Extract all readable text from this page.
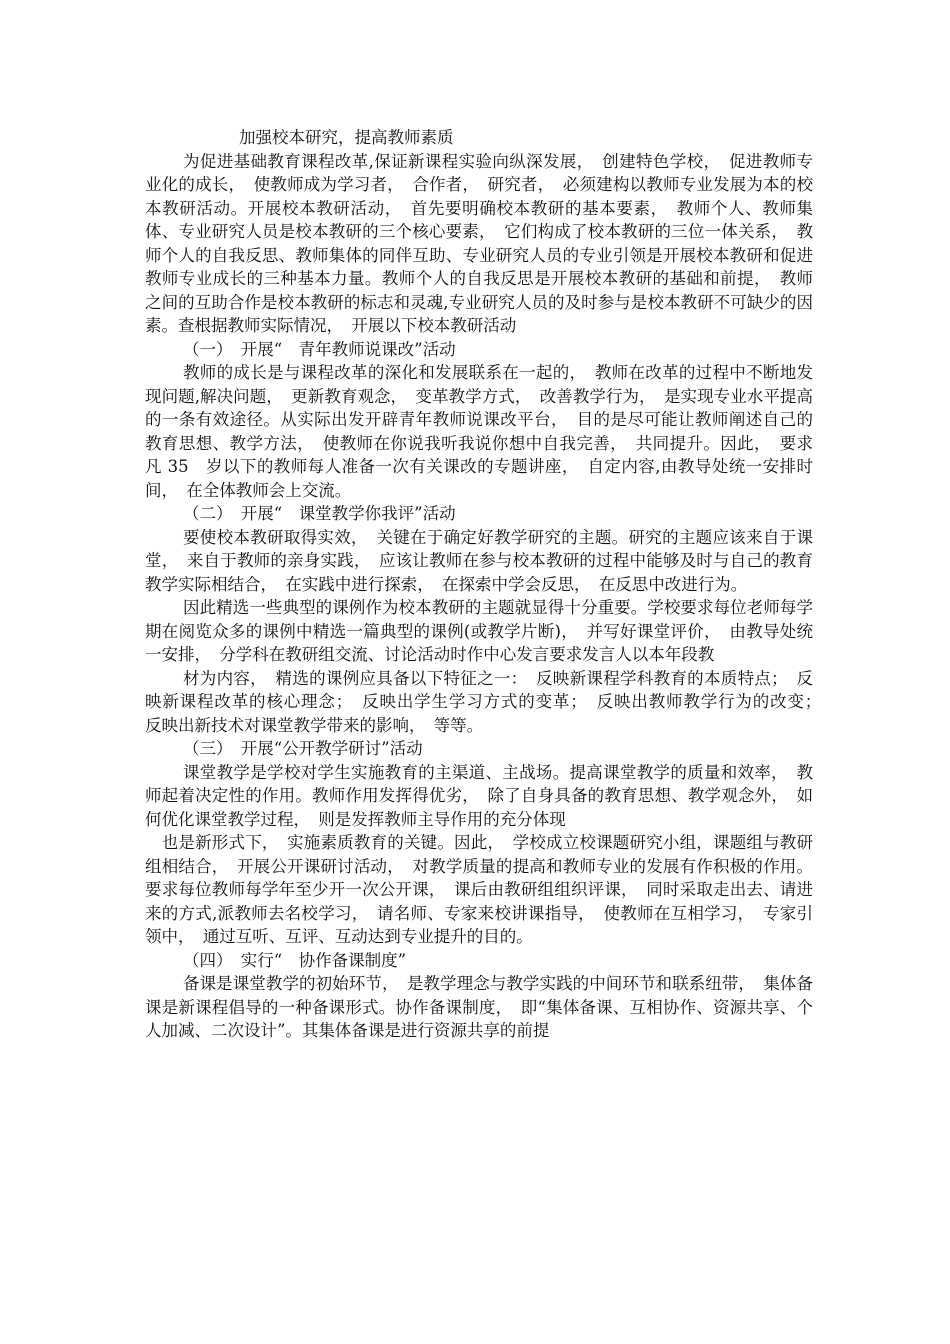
加强校本研究，提高教师素质

为促进基础教育课程改革,保证新课程实验向纵深发展，　创建特色学校，　促进教师专业化的成长，　使教师成为学习者，　合作者，　研究者，　必须建构以教师专业发展为本的校本教研活动。开展校本教研活动，　首先要明确校本教研的基本要素，　教师个人、教师集体、专业研究人员是校本教研的三个核心要素，　它们构成了校本教研的三位一体关系，　教师个人的自我反思、教师集体的同伴互助、专业研究人员的专业引领是开展校本教研和促进教师专业成长的三种基本力量。教师个人的自我反思是开展校本教研的基础和前提，　教师之间的互助合作是校本教研的标志和灵魂,专业研究人员的及时参与是校本教研不可缺少的因素。查根据教师实际情况，　开展以下校本教研活动

（一）　开展“　青年教师说课改”活动

教师的成长是与课程改革的深化和发展联系在一起的，　教师在改革的过程中不断地发现问题,解决问题，　更新教育观念，　变革教学方式，　改善教学行为，　是实现专业水平提高的一条有效途径。从实际出发开辟青年教师说课改平台，　目的是尽可能让教师阐述自己的教育思想、教学方法，　使教师在你说我听我说你想中自我完善，　共同提升。因此，　要求凡 35　岁以下的教师每人准备一次有关课改的专题讲座，　自定内容,由教导处统一安排时间，　在全体教师会上交流。

（二）　开展“　课堂教学你我评”活动

要使校本教研取得实效，　关键在于确定好教学研究的主题。研究的主题应该来自于课堂，　来自于教师的亲身实践，　应该让教师在参与校本教研的过程中能够及时与自己的教育教学实际相结合，　在实践中进行探索，　在探索中学会反思，　在反思中改进行为。

因此精选一些典型的课例作为校本教研的主题就显得十分重要。学校要求每位老师每学期在阅览众多的课例中精选一篇典型的课例(或教学片断)，　并写好课堂评价，　由教导处统一安排，　分学科在教研组交流、讨论活动时作中心发言要求发言人以本年段教

材为内容，　精选的课例应具备以下特征之一：　反映新课程学科教育的本质特点；　反映新课程改革的核心理念；　反映出学生学习方式的变革；　反映出教师教学行为的改变；　反映出新技术对课堂教学带来的影响，　等等。

（三）　开展“公开教学研讨”活动

课堂教学是学校对学生实施教育的主渠道、主战场。提高课堂教学的质量和效率，　教师起着决定性的作用。教师作用发挥得优劣，　除了自身具备的教育思想、教学观念外，　如何优化课堂教学过程，　则是发挥教师主导作用的充分体现

　也是新形式下，　实施素质教育的关键。因此，　学校成立校课题研究小组，课题组与教研组相结合，　开展公开课研讨活动，　对教学质量的提高和教师专业的发展有作积极的作用。要求每位教师每学年至少开一次公开课，　课后由教研组组织评课，　同时采取走出去、请进来的方式,派教师去名校学习，　请名师、专家来校讲课指导，　使教师在互相学习，　专家引领中，　通过互听、互评、互动达到专业提升的目的。

（四）　实行“　协作备课制度”

备课是课堂教学的初始环节，　是教学理念与教学实践的中间环节和联系纽带，　集体备课是新课程倡导的一种备课形式。协作备课制度，　即“集体备课、互相协作、资源共享、个人加减、二次设计”。其集体备课是进行资源共享的前提
